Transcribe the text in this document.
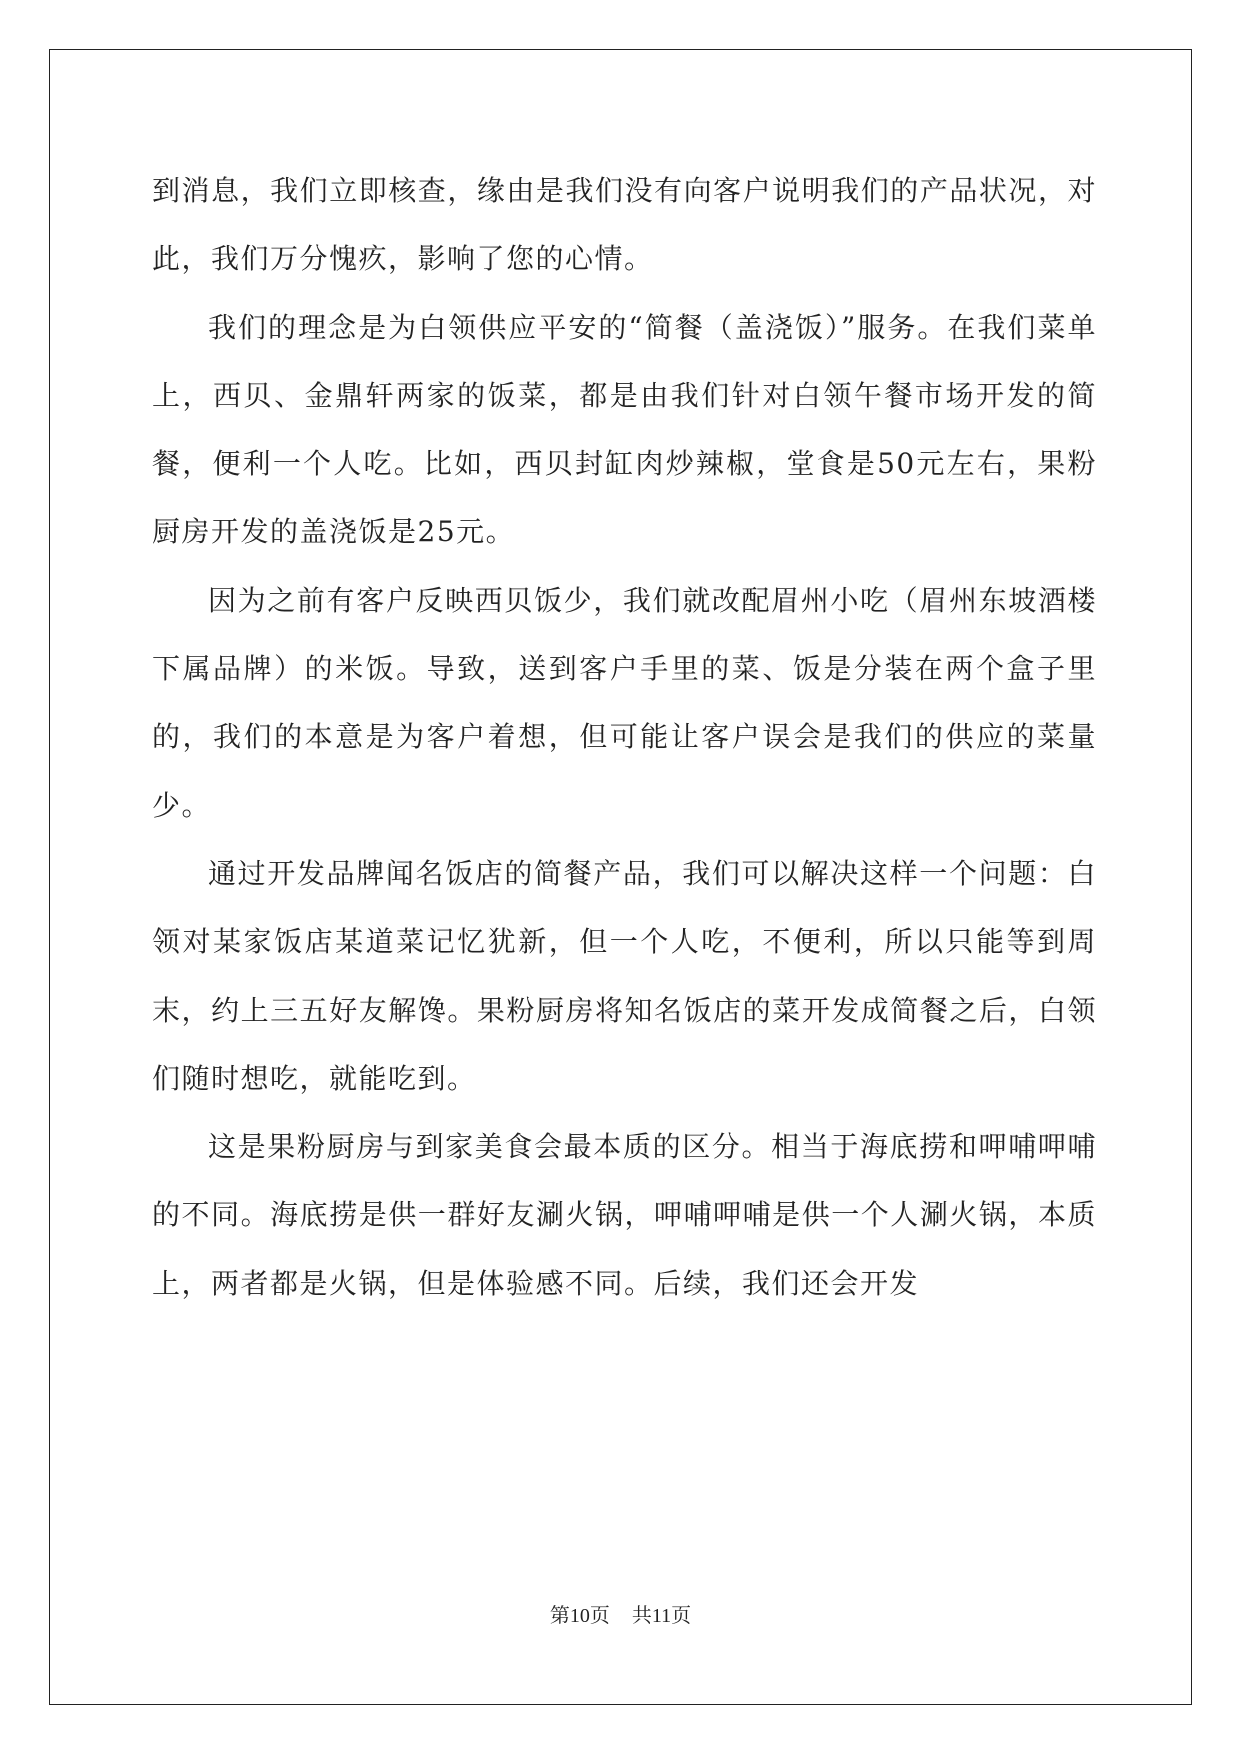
到消息，我们立即核查，缘由是我们没有向客户说明我们的产品状况，对此，我们万分愧疚，影响了您的心情。

我们的理念是为白领供应平安的“简餐（盖浇饭）”服务。在我们菜单上，西贝、金鼎轩两家的饭菜，都是由我们针对白领午餐市场开发的简餐，便利一个人吃。比如，西贝封缸肉炒辣椒，堂食是50元左右，果粉厨房开发的盖浇饭是25元。

因为之前有客户反映西贝饭少，我们就改配眉州小吃（眉州东坡酒楼下属品牌）的米饭。导致，送到客户手里的菜、饭是分装在两个盒子里的，我们的本意是为客户着想，但可能让客户误会是我们的供应的菜量少。

通过开发品牌闻名饭店的简餐产品，我们可以解决这样一个问题：白领对某家饭店某道菜记忆犹新，但一个人吃，不便利，所以只能等到周末，约上三五好友解馋。果粉厨房将知名饭店的菜开发成简餐之后，白领们随时想吃，就能吃到。

这是果粉厨房与到家美食会最本质的区分。相当于海底捞和呷哺呷哺的不同。海底捞是供一群好友涮火锅，呷哺呷哺是供一个人涮火锅，本质上，两者都是火锅，但是体验感不同。后续，我们还会开发

第10页 共11页
